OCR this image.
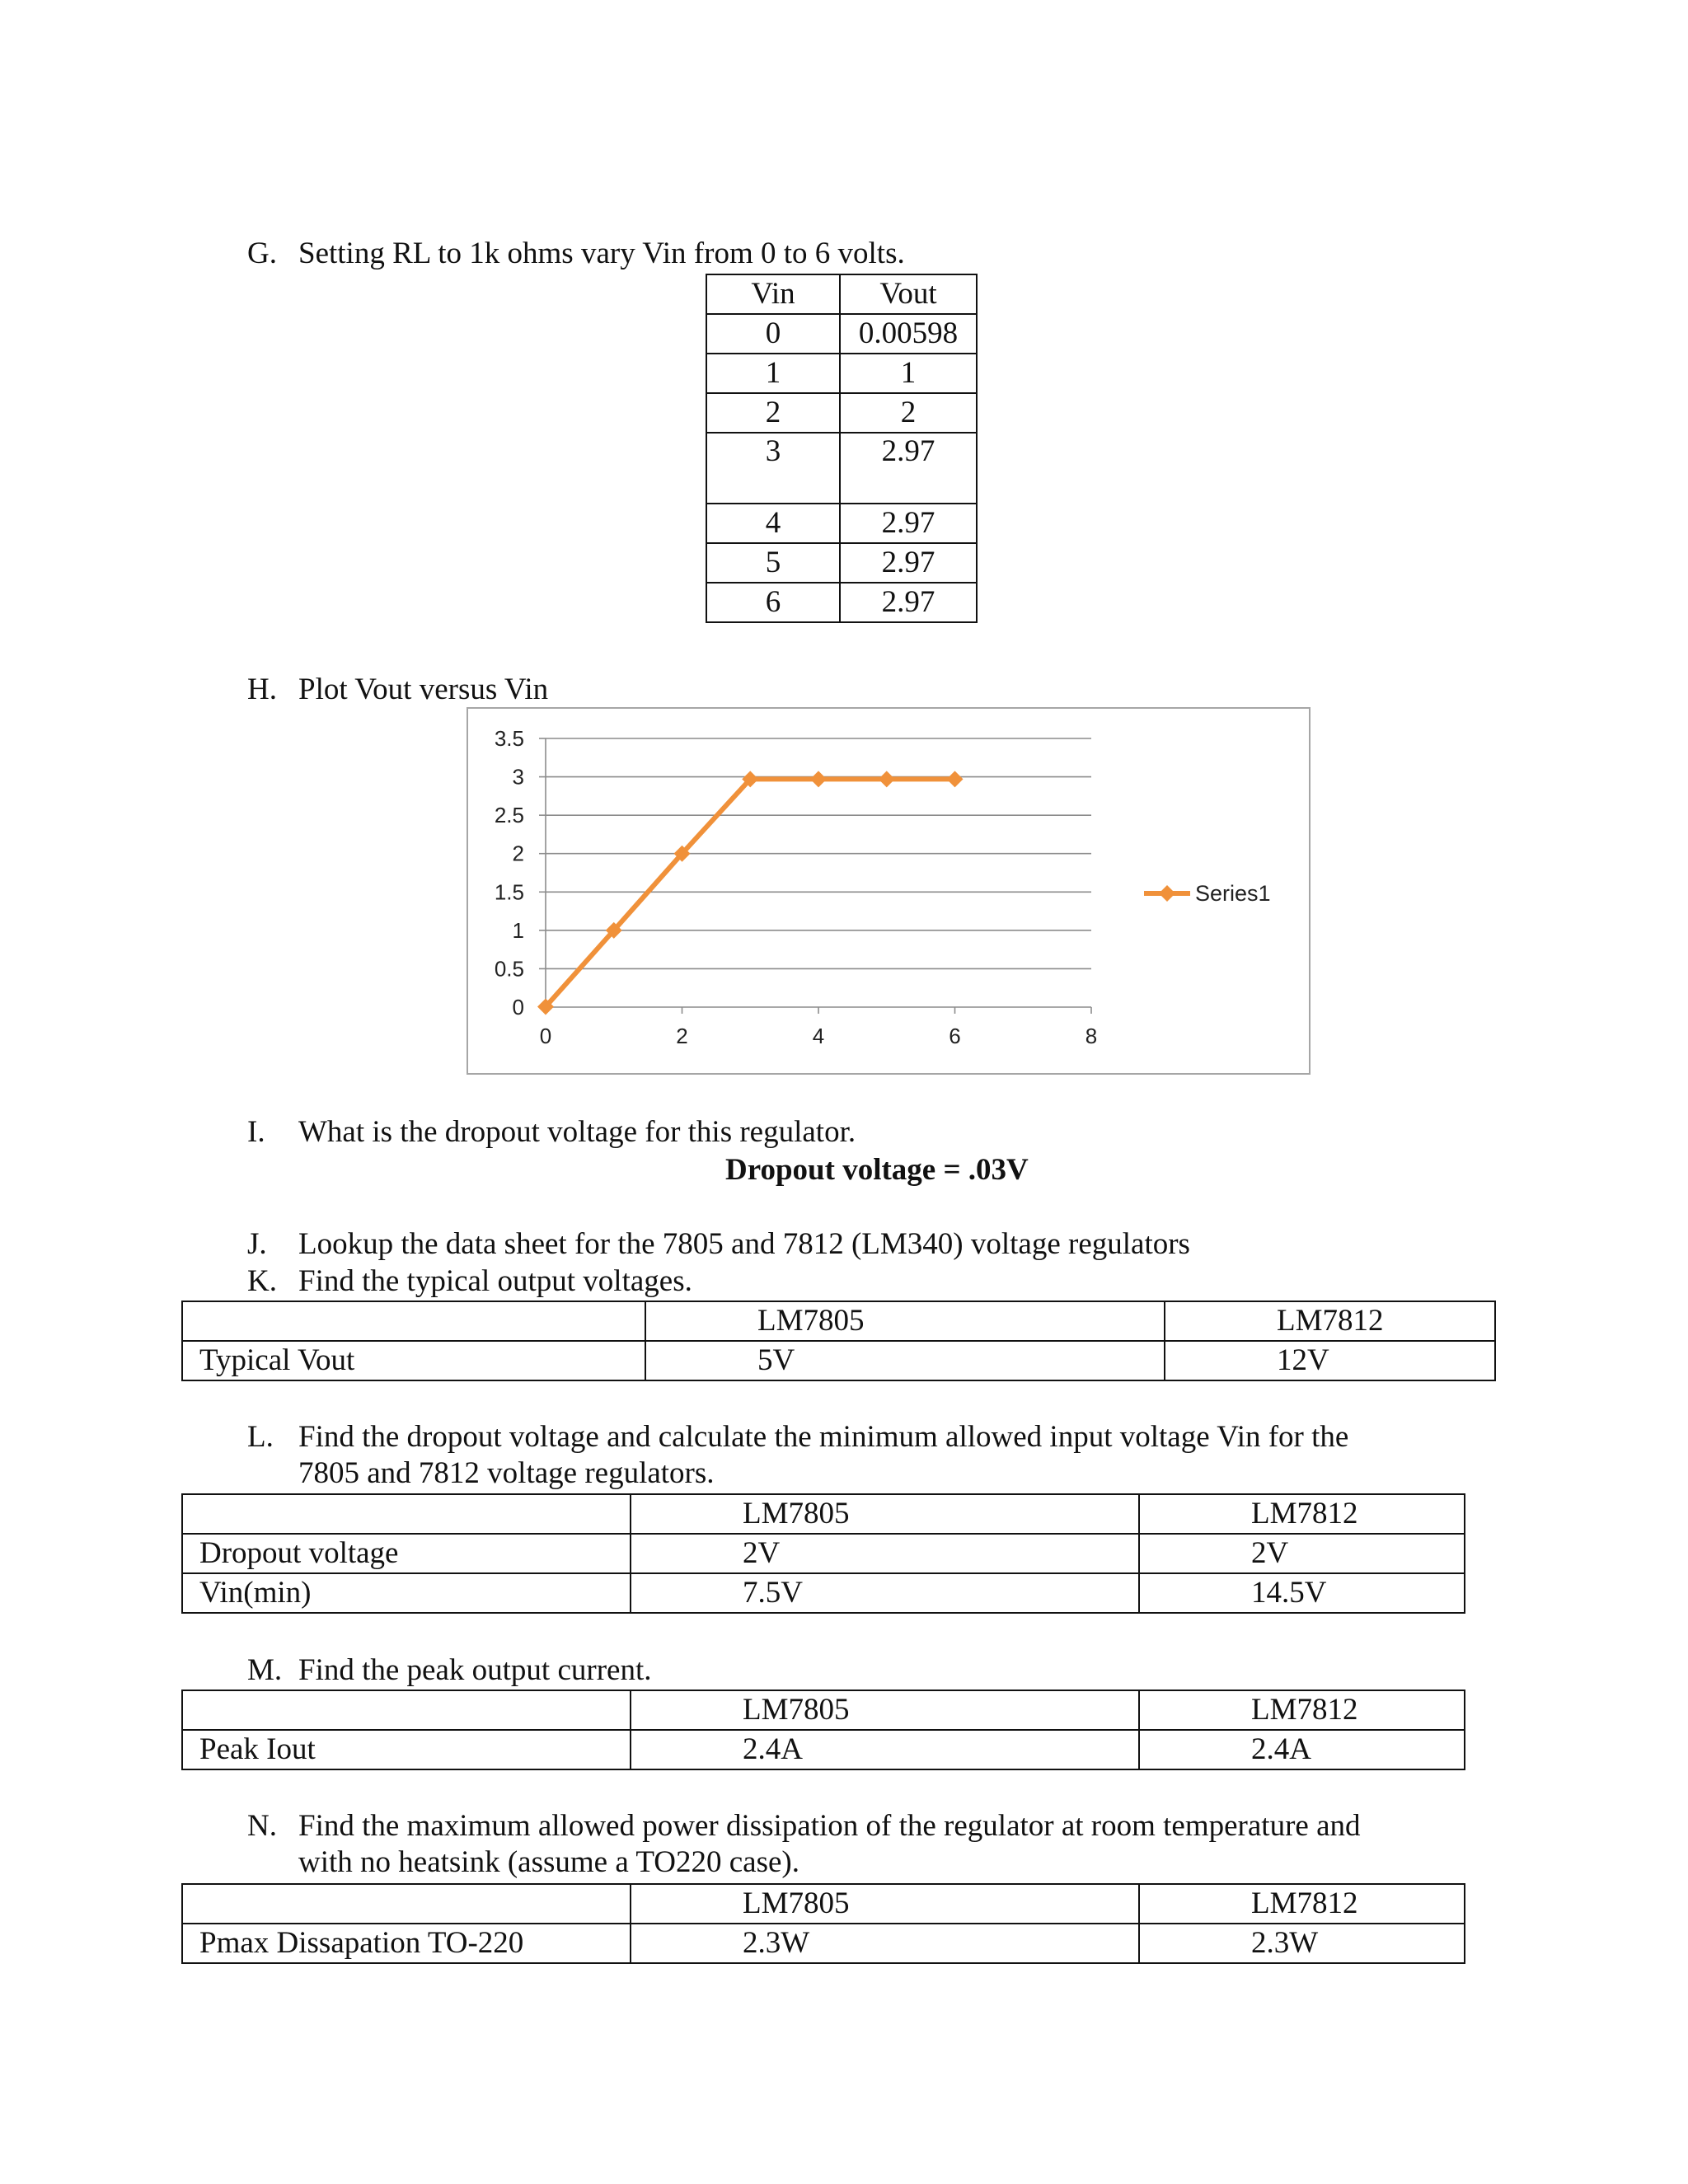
G. Setting RL to 1k ohms vary Vin from 0 to 6 volts.
Vin	Vout
0	0.00598
1	1
2	2
3	2.97
4	2.97
5	2.97
6	2.97
H. Plot Vout versus Vin
0
0.5
1
1.5
2
2.5
3
3.5
0	2	4	6	8
Series1
I. What is the dropout voltage for this regulator.
Dropout voltage = .03V
J. Lookup the data sheet for the 7805 and 7812 (LM340) voltage regulators
K. Find the typical output voltages.
	LM7805	LM7812
Typical Vout	5V	12V
L. Find the dropout voltage and calculate the minimum allowed input voltage Vin for the
7805 and 7812 voltage regulators.
	LM7805	LM7812
Dropout voltage	2V	2V
Vin(min)	7.5V	14.5V
M. Find the peak output current.
	LM7805	LM7812
Peak Iout	2.4A	2.4A
N. Find the maximum allowed power dissipation of the regulator at room temperature and
with no heatsink (assume a TO220 case).
	LM7805	LM7812
Pmax Dissapation TO-220	2.3W	2.3W
